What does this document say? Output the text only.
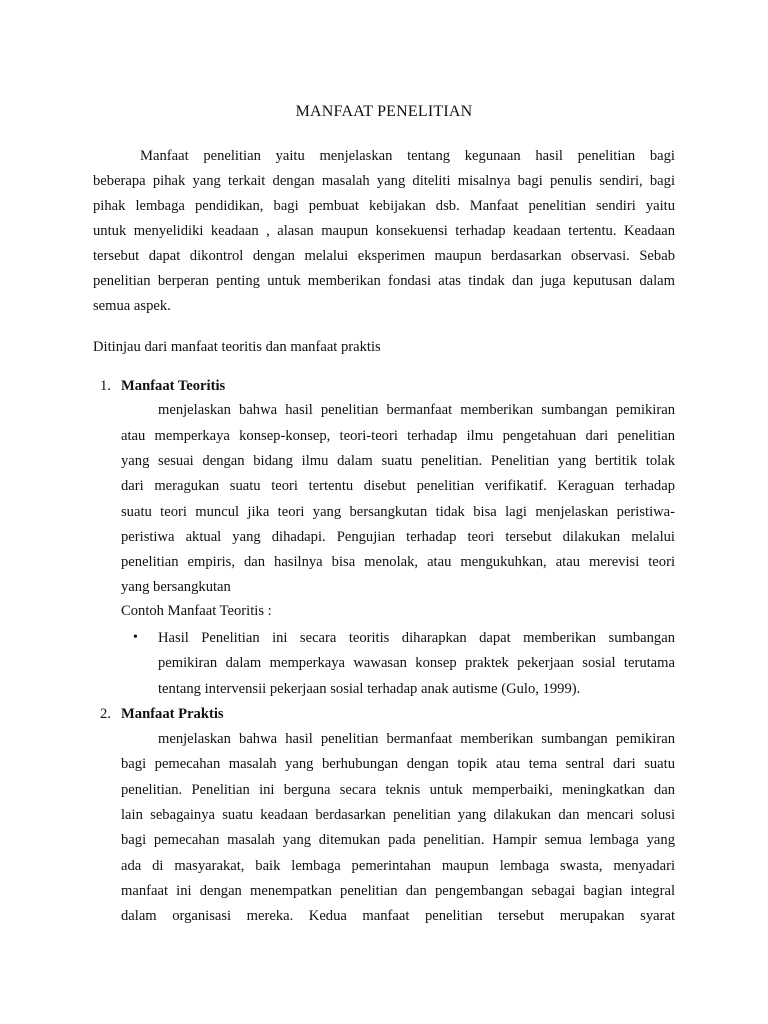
MANFAAT PENELITIAN
Manfaat penelitian yaitu menjelaskan tentang kegunaan hasil penelitian bagi
beberapa pihak yang terkait dengan masalah yang diteliti misalnya bagi penulis sendiri, bagi
pihak lembaga pendidikan, bagi pembuat kebijakan dsb. Manfaat penelitian sendiri yaitu
untuk menyelidiki keadaan , alasan maupun konsekuensi terhadap keadaan tertentu. Keadaan
tersebut dapat dikontrol dengan melalui eksperimen maupun berdasarkan observasi. Sebab
penelitian berperan penting untuk memberikan fondasi atas tindak dan juga keputusan dalam
semua aspek.
Ditinjau dari manfaat teoritis dan manfaat praktis
1. Manfaat Teoritis
menjelaskan bahwa hasil penelitian bermanfaat memberikan sumbangan pemikiran
atau memperkaya konsep-konsep, teori-teori terhadap ilmu pengetahuan dari penelitian
yang sesuai dengan bidang ilmu dalam suatu penelitian. Penelitian yang bertitik tolak
dari meragukan suatu teori tertentu disebut penelitian verifikatif. Keraguan terhadap
suatu teori muncul jika teori yang bersangkutan tidak bisa lagi menjelaskan peristiwa-
peristiwa aktual yang dihadapi. Pengujian terhadap teori tersebut dilakukan melalui
penelitian empiris, dan hasilnya bisa menolak, atau mengukuhkan, atau merevisi teori
yang bersangkutan
Contoh Manfaat Teoritis :
• Hasil Penelitian ini secara teoritis diharapkan dapat memberikan sumbangan
pemikiran dalam memperkaya wawasan konsep praktek pekerjaan sosial terutama
tentang intervensii pekerjaan sosial terhadap anak autisme (Gulo, 1999).
2. Manfaat Praktis
menjelaskan bahwa hasil penelitian bermanfaat memberikan sumbangan pemikiran
bagi pemecahan masalah yang berhubungan dengan topik atau tema sentral dari suatu
penelitian. Penelitian ini berguna secara teknis untuk memperbaiki, meningkatkan dan
lain sebagainya suatu keadaan berdasarkan penelitian yang dilakukan dan mencari solusi
bagi pemecahan masalah yang ditemukan pada penelitian. Hampir semua lembaga yang
ada di masyarakat, baik lembaga pemerintahan maupun lembaga swasta, menyadari
manfaat ini dengan menempatkan penelitian dan pengembangan sebagai bagian integral
dalam organisasi mereka. Kedua manfaat penelitian tersebut merupakan syarat
